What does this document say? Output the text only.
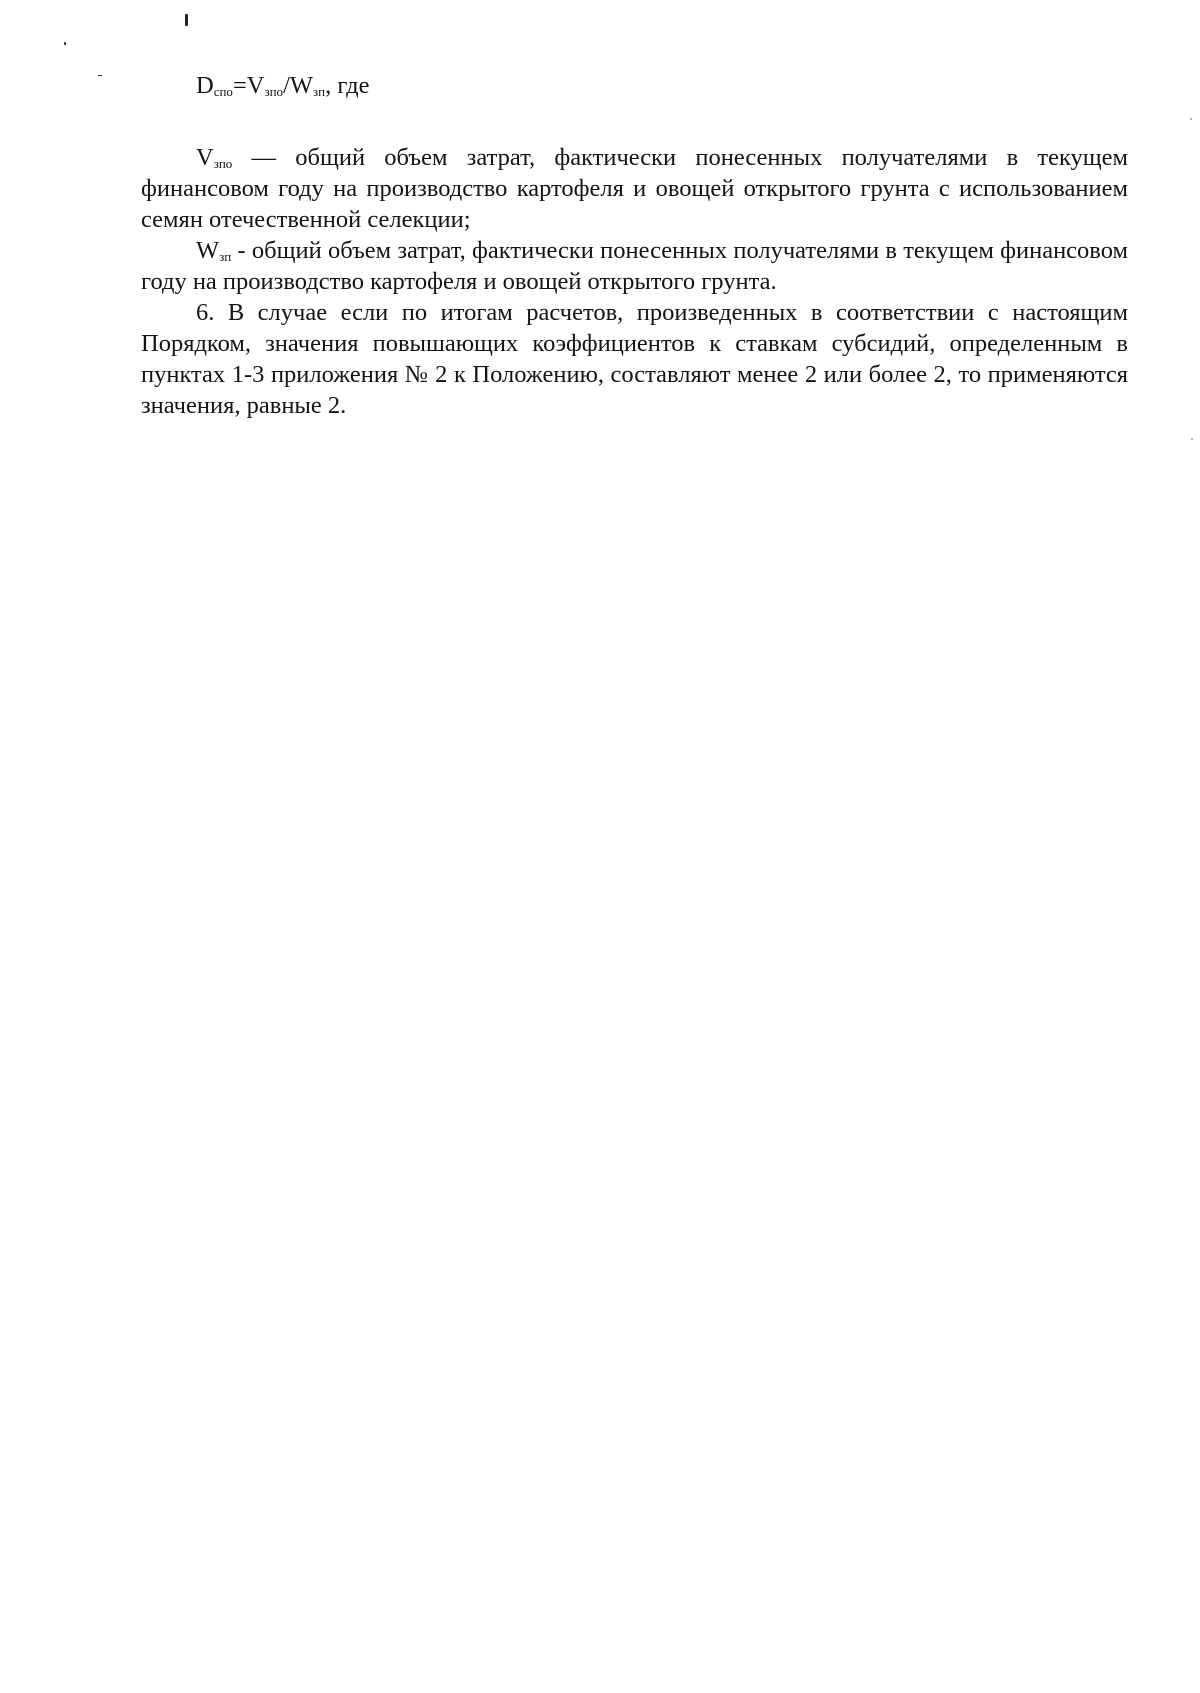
$D_{спо}=V_{зпо}/W_{зп}$, где

$V_{зпо}$ — общий объем затрат, фактически понесенных получателями в текущем финансовом году на производство картофеля и овощей открытого грунта с использованием семян отечественной селекции;

$W_{зп}$ - общий объем затрат, фактически понесенных получателями в текущем финансовом году на производство картофеля и овощей открытого грунта.

6. В случае если по итогам расчетов, произведенных в соответствии с настоящим Порядком, значения повышающих коэффициентов к ставкам субсидий, определенным в пунктах 1-3 приложения № 2 к Положению, составляют менее 2 или более 2, то применяются значения, равные 2.
